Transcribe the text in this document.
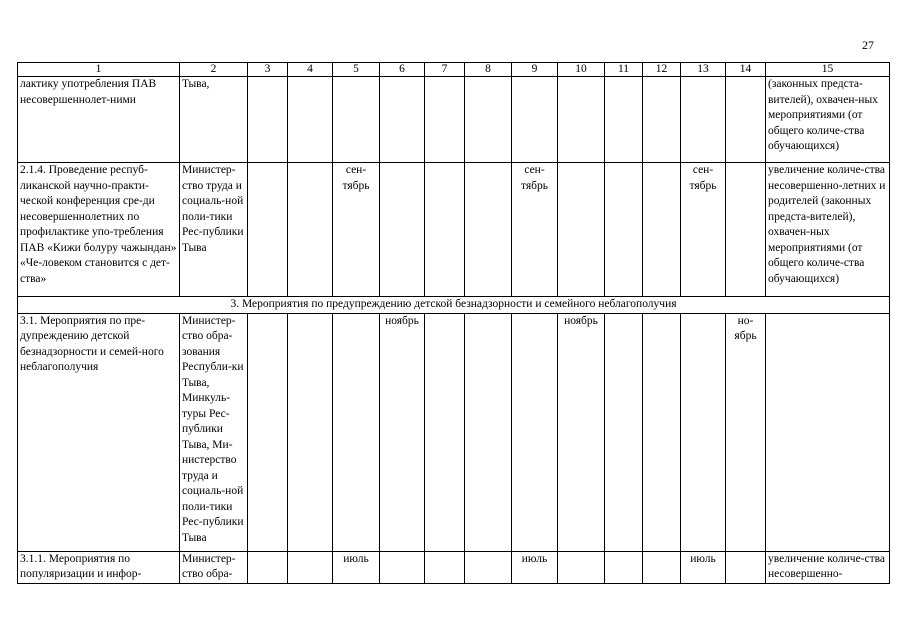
27
1	2	3	4	5	6	7	8	9	10	11	12	13	14	15
лактику употребления ПАВ несовершеннолет-ними	Тыва,													(законных предста-вителей), охвачен-ных мероприятиями (от общего количе-ства обучающихся)
2.1.4. Проведение респуб-ликанской научно-практи-ческой конференция сре-ди несовершеннолетних по профилактике упо-требления ПАВ «Кижи болуру чажындан» «Че-ловеком становится с дет-ства»	Министер-ство труда и социаль-ной поли-тики Рес-публики Тыва			сен-тябрь				сен-тябрь				сен-тябрь		увеличение количе-ства несовершенно-летних и родителей (законных предста-вителей), охвачен-ных мероприятиями (от общего количе-ства обучающихся)
3. Мероприятия по предупреждению детской безнадзорности и семейного неблагополучия														
3.1. Мероприятия по пре-дупреждению детской безнадзорности и семей-ного неблагополучия	Министер-ство обра-зования Республи-ки Тыва, Минкуль-туры Рес-публики Тыва, Ми-нистерство труда и социаль-ной поли-тики Рес-публики Тыва				ноябрь				ноябрь				но-ябрь	
3.1.1. Мероприятия по популяризации и инфор-	Министер-ство обра-			июль				июль				июль		увеличение количе-ства несовершенно-
